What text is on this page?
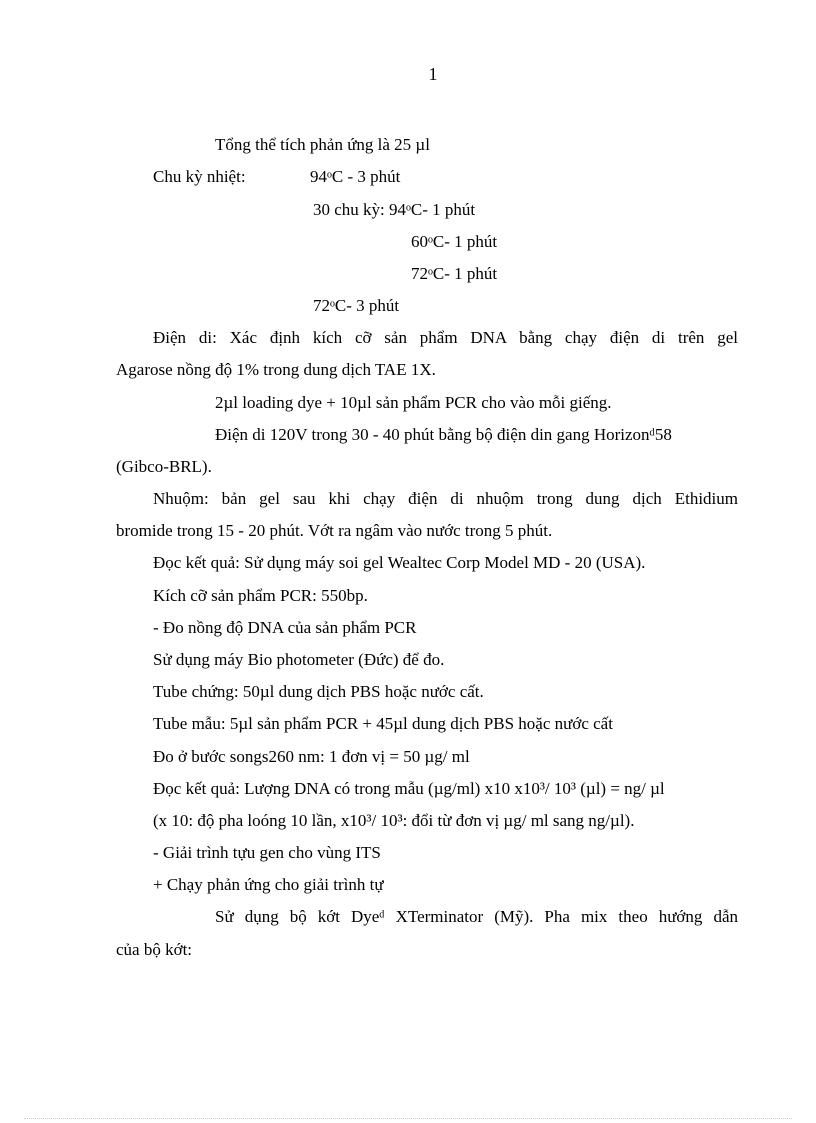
1
Tổng thể tích phản ứng là 25 µl
Chu kỳ nhiệt:	94ᵒC - 3 phút
30 chu kỳ: 94ᵒC- 1 phút
60ᵒC- 1 phút
72ᵒC- 1 phút
72ᵒC- 3 phút
Điện di: Xác định kích cỡ sản phẩm DNA bằng chạy điện di trên gel
Agarose nồng độ 1% trong dung dịch TAE 1X.
2µl loading dye + 10µl sản phẩm PCR cho vào mỗi giếng.
Điện di 120V trong 30 - 40 phút bằng bộ điện din gang Horizonᵈ58
(Gibco-BRL).
Nhuộm: bản gel sau khi chạy điện di nhuộm trong dung dịch Ethidium
bromide trong 15 - 20 phút. Vớt ra ngâm vào nước trong 5 phút.
Đọc kết quả: Sử dụng máy soi gel Wealtec Corp Model MD - 20 (USA).
Kích cỡ sản phẩm PCR: 550bp.
- Đo nồng độ DNA của sản phẩm PCR
Sử dụng máy Bio photometer (Đức) để đo.
Tube chứng: 50µl dung dịch PBS hoặc nước cất.
Tube mẫu: 5µl sản phẩm PCR + 45µl dung dịch PBS hoặc nước cất
Đo ở bước songs260 nm: 1 đơn vị = 50 µg/ ml
Đọc kết quả: Lượng DNA có trong mẫu (µg/ml) x10 x10³/ 10³ (µl) = ng/ µl
(x 10: độ pha loóng 10 lần, x10³/ 10³: đổi từ đơn vị µg/ ml sang ng/µl).
- Giải trình tựu gen cho vùng ITS
+ Chạy phản ứng cho giải trình tự
Sử dụng bộ kớt Dyeᵈ XTerminator (Mỹ). Pha mix theo hướng dẫn
của bộ kớt:
